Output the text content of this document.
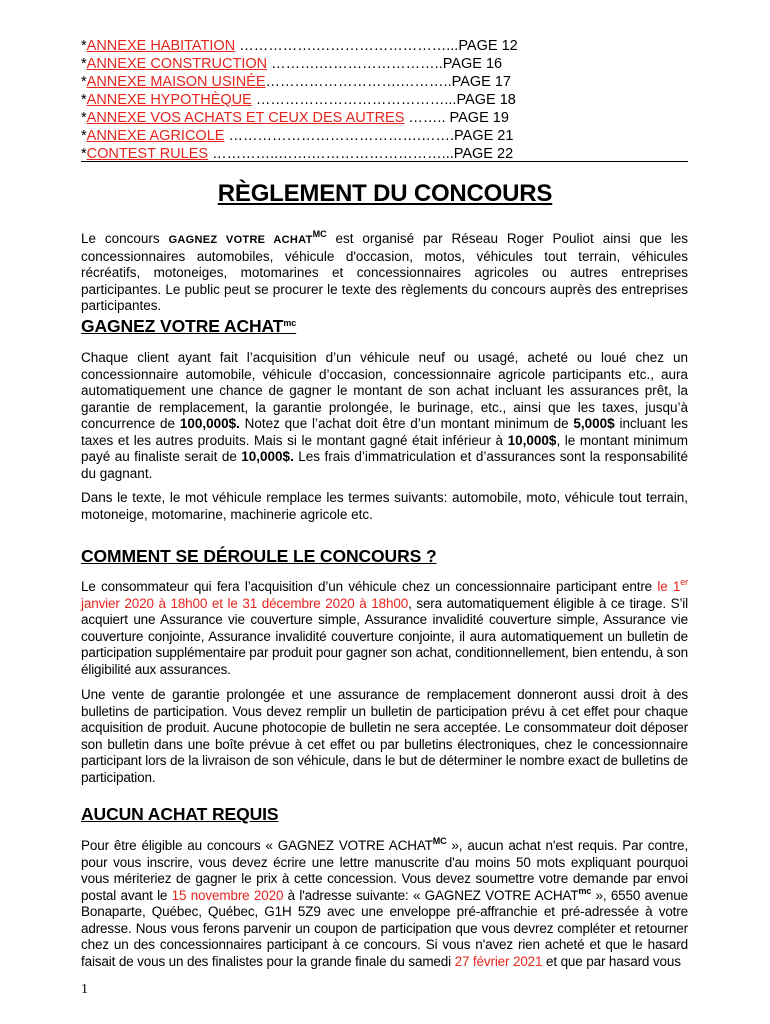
*ANNEXE HABITATION …………….………………………...PAGE 12
*ANNEXE CONSTRUCTION ……….……………………..PAGE 16
*ANNEXE MAISON USINÉE……………………….………..PAGE 17
*ANNEXE HYPOTHÈQUE …………………………………...PAGE 18
*ANNEXE VOS ACHATS ET CEUX DES AUTRES …….. PAGE 19
*ANNEXE AGRICOLE ………………………………….…….PAGE 21
*CONTEST RULES …………..…….………………………...PAGE 22
RÈGLEMENT DU CONCOURS

Le concours GAGNEZ VOTRE $ACHAT^{MC}$ est organisé par Réseau Roger Pouliot ainsi que les concessionnaires automobiles, véhicule d'occasion, motos, véhicules tout terrain, véhicules récréatifs, motoneiges, motomarines et concessionnaires agricoles ou autres entreprises participantes. Le public peut se procurer le texte des règlements du concours auprès des entreprises participantes.

GAGNEZ VOTRE $ACHAT^{mc}$

Chaque client ayant fait l’acquisition d’un véhicule neuf ou usagé, acheté ou loué chez un concessionnaire automobile, véhicule d’occasion, concessionnaire agricole participants etc., aura automatiquement une chance de gagner le montant de son achat incluant les assurances prêt, la garantie de remplacement, la garantie prolongée, le burinage, etc., ainsi que les taxes, jusqu’à concurrence de 100,000$. Notez que l’achat doit être d’un montant minimum de 5,000$ incluant les taxes et les autres produits. Mais si le montant gagné était inférieur à 10,000$, le montant minimum payé au finaliste serait de 10,000$. Les frais d’immatriculation et d’assurances sont la responsabilité du gagnant.

Dans le texte, le mot véhicule remplace les termes suivants: automobile, moto, véhicule tout terrain, motoneige, motomarine, machinerie agricole etc.

COMMENT SE DÉROULE LE CONCOURS ?

Le consommateur qui fera l’acquisition d’un véhicule chez un concessionnaire participant entre le 1er janvier 2020 à 18h00 et le 31 décembre 2020 à 18h00, sera automatiquement éligible à ce tirage. S’il acquiert une Assurance vie couverture simple, Assurance invalidité couverture simple, Assurance vie couverture conjointe, Assurance invalidité couverture conjointe, il aura automatiquement un bulletin de participation supplémentaire par produit pour gagner son achat, conditionnellement, bien entendu, à son éligibilité aux assurances.

Une vente de garantie prolongée et une assurance de remplacement donneront aussi droit à des bulletins de participation. Vous devez remplir un bulletin de participation prévu à cet effet pour chaque acquisition de produit. Aucune photocopie de bulletin ne sera acceptée. Le consommateur doit déposer son bulletin dans une boîte prévue à cet effet ou par bulletins électroniques, chez le concessionnaire participant lors de la livraison de son véhicule, dans le but de déterminer le nombre exact de bulletins de participation.

AUCUN ACHAT REQUIS

Pour être éligible au concours « GAGNEZ VOTRE $ACHAT^{MC}$ », aucun achat n'est requis. Par contre, pour vous inscrire, vous devez écrire une lettre manuscrite d'au moins 50 mots expliquant pourquoi vous mériteriez de gagner le prix à cette concession. Vous devez soumettre votre demande par envoi postal avant le 15 novembre 2020 à l'adresse suivante: « GAGNEZ VOTRE $ACHAT^{mc}$ », 6550 avenue Bonaparte, Québec, Québec, G1H 5Z9 avec une enveloppe pré-affranchie et pré-adressée à votre adresse. Nous vous ferons parvenir un coupon de participation que vous devrez compléter et retourner chez un des concessionnaires participant à ce concours. Si vous n'avez rien acheté et que le hasard faisait de vous un des finalistes pour la grande finale du samedi 27 février 2021 et que par hasard vous

1
